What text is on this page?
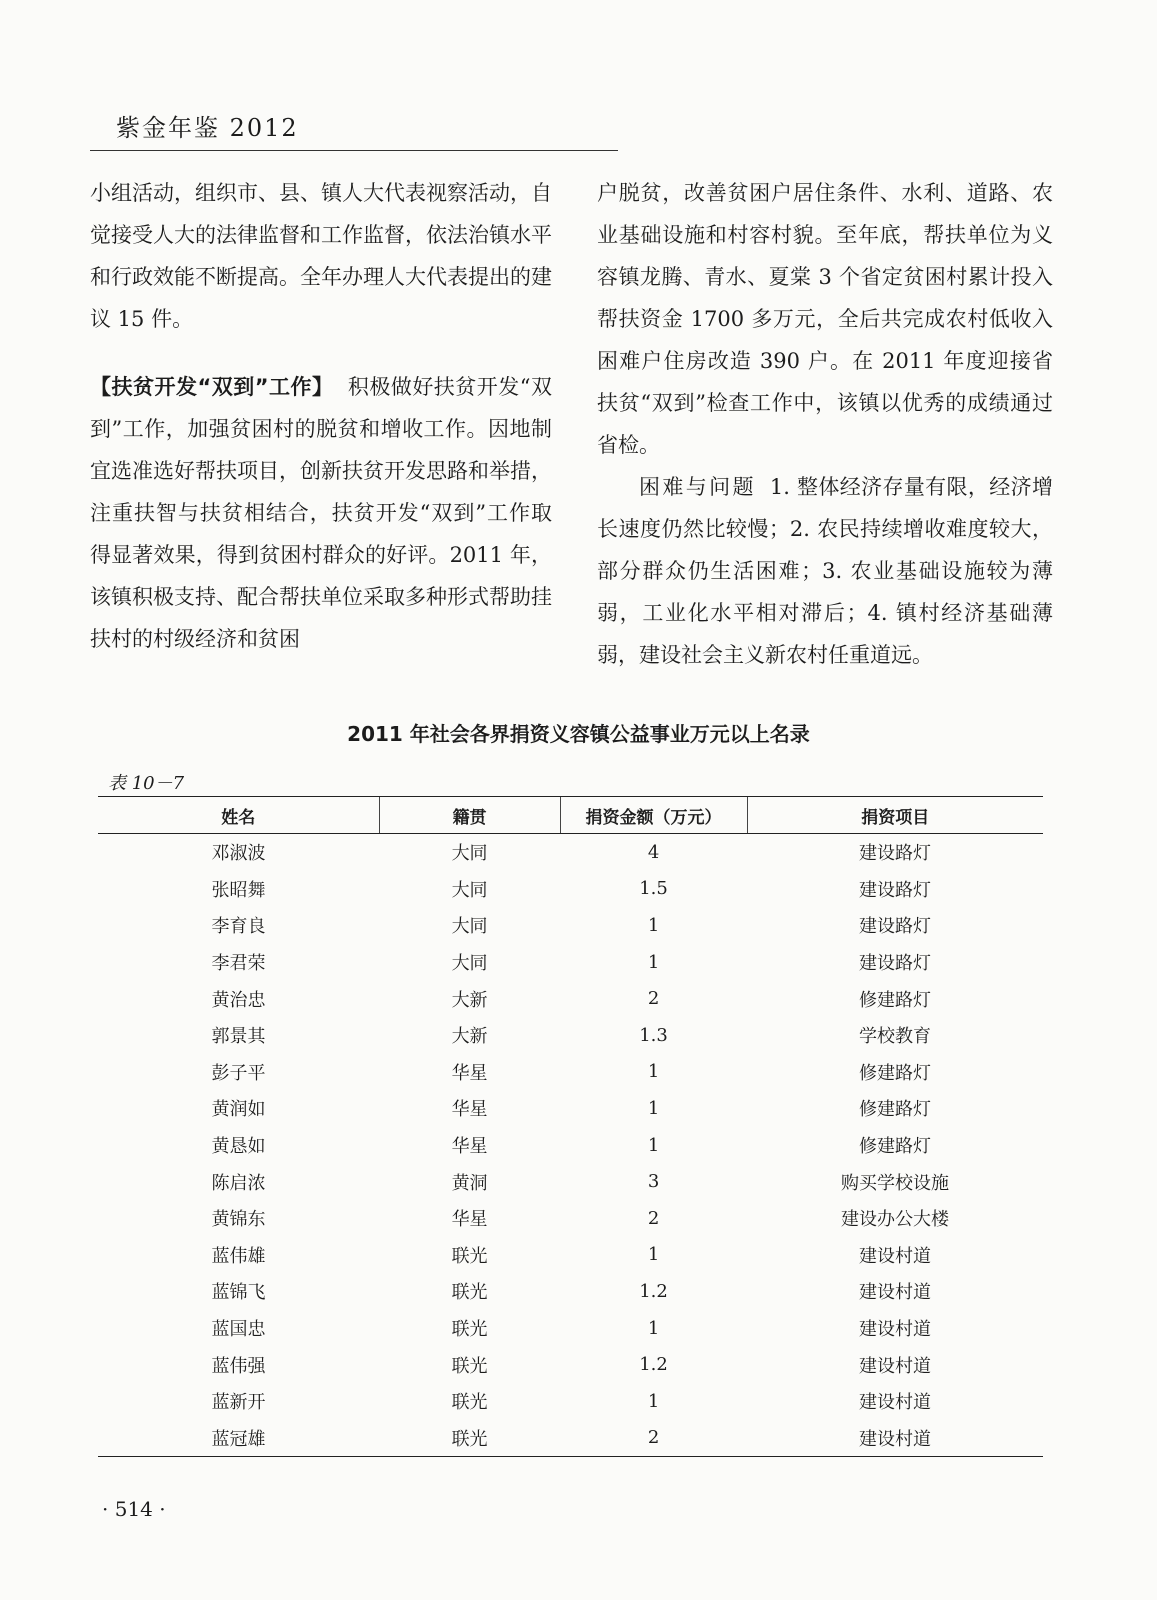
紫金年鉴 2012

小组活动，组织市、县、镇人大代表视察活动，自觉接受人大的法律监督和工作监督，依法治镇水平和行政效能不断提高。全年办理人大代表提出的建议 15 件。

【扶贫开发“双到”工作】 积极做好扶贫开发“双到”工作，加强贫困村的脱贫和增收工作。因地制宜选准选好帮扶项目，创新扶贫开发思路和举措，注重扶智与扶贫相结合，扶贫开发“双到”工作取得显著效果，得到贫困村群众的好评。2011 年，该镇积极支持、配合帮扶单位采取多种形式帮助挂扶村的村级经济和贫困

户脱贫，改善贫困户居住条件、水利、道路、农业基础设施和村容村貌。至年底，帮扶单位为义容镇龙腾、青水、夏棠 3 个省定贫困村累计投入帮扶资金 1700 多万元，全后共完成农村低收入困难户住房改造 390 户。在 2011 年度迎接省扶贫“双到”检查工作中，该镇以优秀的成绩通过省检。

困难与问题 1. 整体经济存量有限，经济增长速度仍然比较慢；2. 农民持续增收难度较大，部分群众仍生活困难；3. 农业基础设施较为薄弱，工业化水平相对滞后；4. 镇村经济基础薄弱，建设社会主义新农村任重道远。

2011 年社会各界捐资义容镇公益事业万元以上名录
表 10－7
姓名	籍贯	捐资金额（万元）	捐资项目
邓淑波	大同	4	建设路灯
张昭舞	大同	1.5	建设路灯
李育良	大同	1	建设路灯
李君荣	大同	1	建设路灯
黄治忠	大新	2	修建路灯
郭景其	大新	1.3	学校教育
彭子平	华星	1	修建路灯
黄润如	华星	1	修建路灯
黄恳如	华星	1	修建路灯
陈启浓	黄洞	3	购买学校设施
黄锦东	华星	2	建设办公大楼
蓝伟雄	联光	1	建设村道
蓝锦飞	联光	1.2	建设村道
蓝国忠	联光	1	建设村道
蓝伟强	联光	1.2	建设村道
蓝新开	联光	1	建设村道
蓝冠雄	联光	2	建设村道
· 514 ·
